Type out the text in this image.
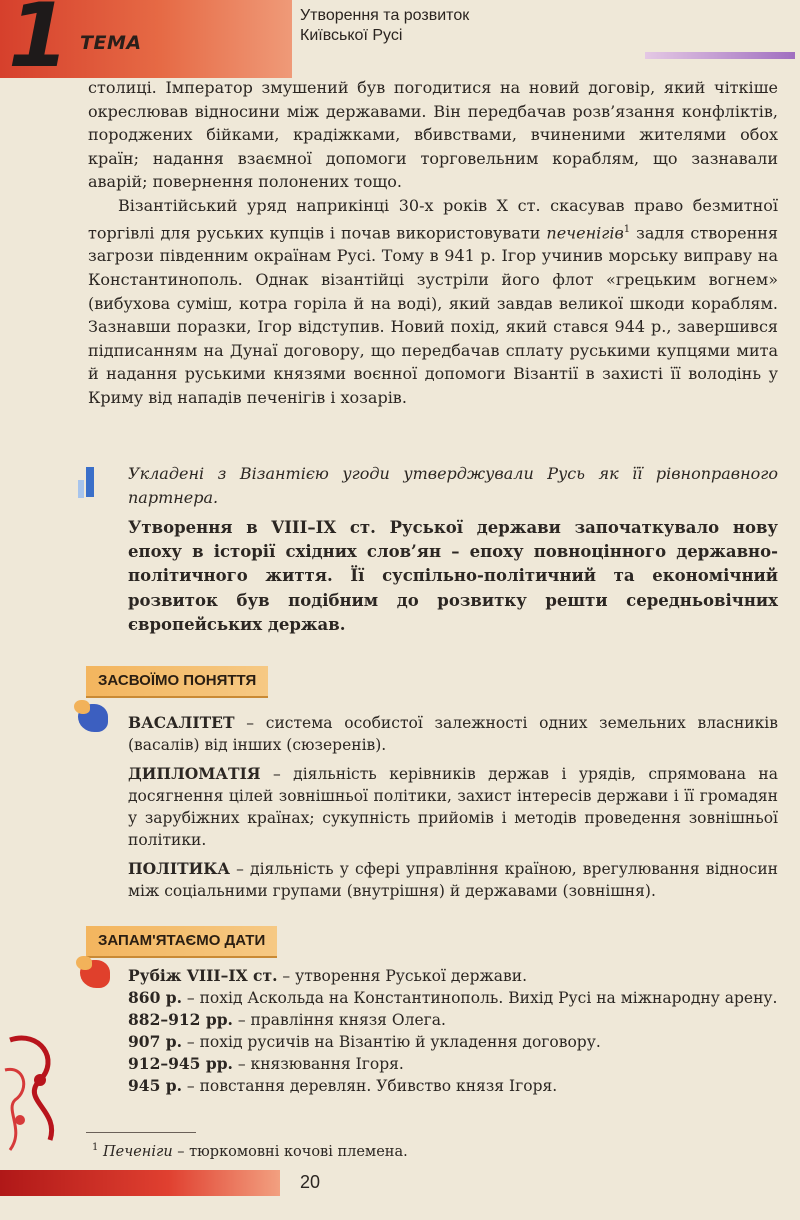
1 ТЕМА
Утворення та розвиток
Київської Русі

столиці. Імператор змушений був погодитися на новий договір, який чіткіше окреслював відносини між державами. Він передбачав розв’язання конфліктів, породжених бійками, крадіжками, вбивствами, вчиненими жителями обох країн; надання взаємної допомоги торговельним кораблям, що зазнавали аварій; повернення полонених тощо.

Візантійський уряд наприкінці 30-х років X ст. скасував право безмитної торгівлі для руських купців і почав використовувати печенігів$^1$ задля створення загрози південним окраїнам Русі. Тому в 941 р. Ігор учинив морську виправу на Константинополь. Однак візантійці зустріли його флот «грецьким вогнем» (вибухова суміш, котра горіла й на воді), який завдав великої шкоди кораблям. Зазнавши поразки, Ігор відступив. Новий похід, який стався 944 р., завершився підписанням на Дунаї договору, що передбачав сплату руськими купцями мита й надання руськими князями воєнної допомоги Візантії в захисті її володінь у Криму від нападів печенігів і хозарів.

Укладені з Візантією угоди утверджували Русь як її рівноправного партнера.

Утворення в VIII–IX ст. Руської держави започаткувало нову епоху в історії східних слов’ян – епоху повноцінного державно-політичного життя. Її суспільно-політичний та економічний розвиток був подібним до розвитку решти середньовічних європейських держав.

ЗАСВОЇМО ПОНЯТТЯ

ВАСАЛІТЕТ – система особистої залежності одних земельних власників (васалів) від інших (сюзеренів).

ДИПЛОМАТІЯ – діяльність керівників держав і урядів, спрямована на досягнення цілей зовнішньої політики, захист інтересів держави і її громадян у зарубіжних країнах; сукупність прийомів і методів проведення зовнішньої політики.

ПОЛІТИКА – діяльність у сфері управління країною, врегулювання відносин між соціальними групами (внутрішня) й державами (зовнішня).

ЗАПАМ'ЯТАЄМО ДАТИ

Рубіж VIII–IX ст. – утворення Руської держави.

860 р. – похід Аскольда на Константинополь. Вихід Русі на міжнародну арену.

882–912 рр. – правління князя Олега.

907 р. – похід русичів на Візантію й укладення договору.

912–945 рр. – князювання Ігоря.

945 р. – повстання деревлян. Убивство князя Ігоря.

$^1$ Печеніги – тюркомовні кочові племена.
20
